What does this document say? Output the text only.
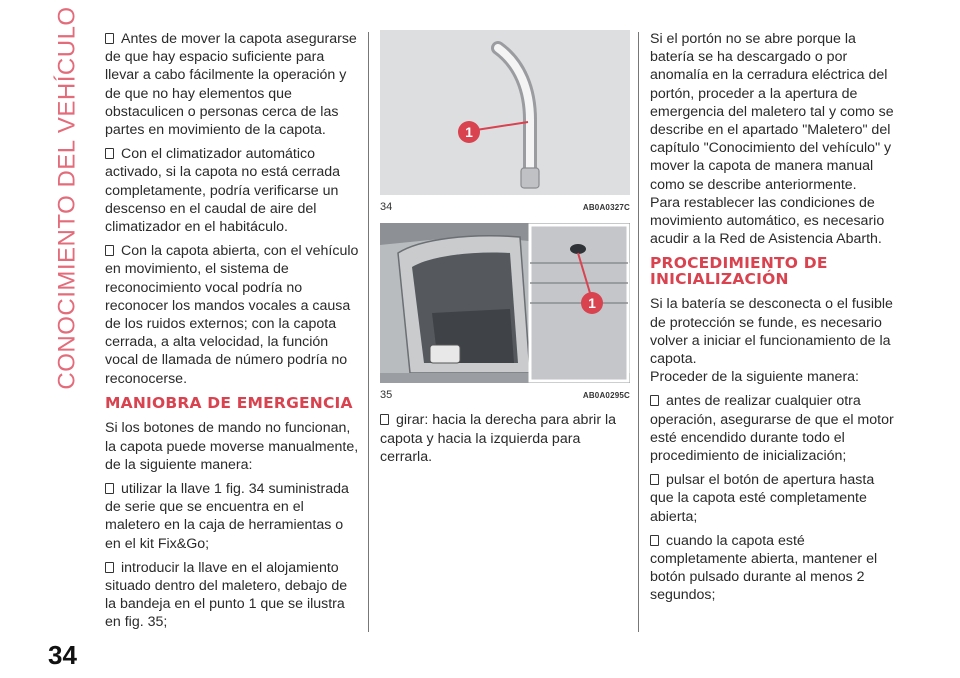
CONOCIMIENTO DEL VEHÍCULO
34

Antes de mover la capota asegurarse de que hay espacio suficiente para llevar a cabo fácilmente la operación y de que no hay elementos que obstaculicen o personas cerca de las partes en movimiento de la capota.

Con el climatizador automático activado, si la capota no está cerrada completamente, podría verificarse un descenso en el caudal de aire del climatizador en el habitáculo.

Con la capota abierta, con el vehículo en movimiento, el sistema de reconocimiento vocal podría no reconocer los mandos vocales a causa de los ruidos externos; con la capota cerrada, a alta velocidad, la función vocal de llamada de número podría no reconocerse.

MANIOBRA DE EMERGENCIA

Si los botones de mando no funcionan, la capota puede moverse manualmente, de la siguiente manera:

utilizar la llave 1 fig. 34 suministrada de serie que se encuentra en el maletero en la caja de herramientas o en el kit Fix&Go;

introducir la llave en el alojamiento situado dentro del maletero, debajo de la bandeja en el punto 1 que se ilustra en fig. 35;

1
34	AB0A0327C
1
35	AB0A0295C

girar: hacia la derecha para abrir la capota y hacia la izquierda para cerrarla.

Si el portón no se abre porque la batería se ha descargado o por anomalía en la cerradura eléctrica del portón, proceder a la apertura de emergencia del maletero tal y como se describe en el apartado "Maletero" del capítulo "Conocimiento del vehículo" y mover la capota de manera manual como se describe anteriormente.

Para restablecer las condiciones de movimiento automático, es necesario acudir a la Red de Asistencia Abarth.

PROCEDIMIENTO DE INICIALIZACIÓN

Si la batería se desconecta o el fusible de protección se funde, es necesario volver a iniciar el funcionamiento de la capota.

Proceder de la siguiente manera:

antes de realizar cualquier otra operación, asegurarse de que el motor esté encendido durante todo el procedimiento de inicialización;

pulsar el botón de apertura hasta que la capota esté completamente abierta;

cuando la capota esté completamente abierta, mantener el botón pulsado durante al menos 2 segundos;
